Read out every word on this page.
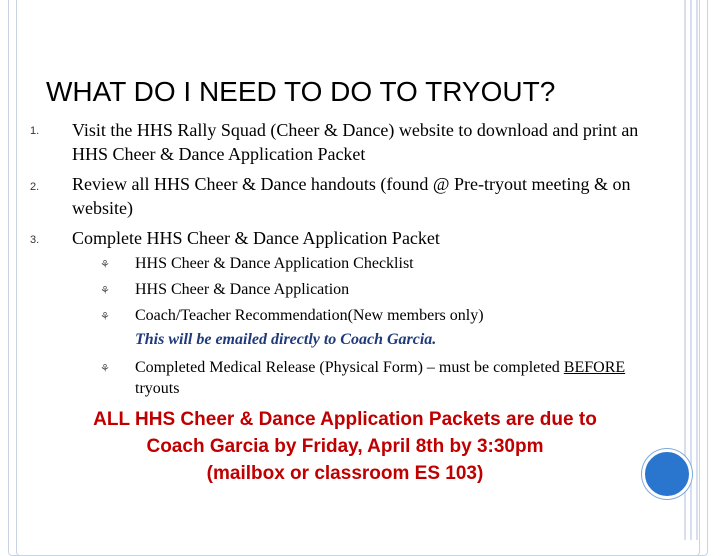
WHAT DO I NEED TO DO TO TRYOUT?
1.	Visit the HHS Rally Squad (Cheer & Dance) website to download and print an HHS Cheer & Dance Application Packet
2.	Review all HHS Cheer & Dance handouts (found @ Pre-tryout meeting & on website)
3.	Complete HHS Cheer & Dance Application Packet
⚘ HHS Cheer & Dance Application Checklist
⚘ HHS Cheer & Dance Application
⚘ Coach/Teacher Recommendation(New members only)
This will be emailed directly to Coach Garcia.
⚘ Completed Medical Release (Physical Form) – must be completed BEFORE tryouts
ALL HHS Cheer & Dance Application Packets are due to
Coach Garcia by Friday, April 8th by 3:30pm
(mailbox or classroom ES 103)
